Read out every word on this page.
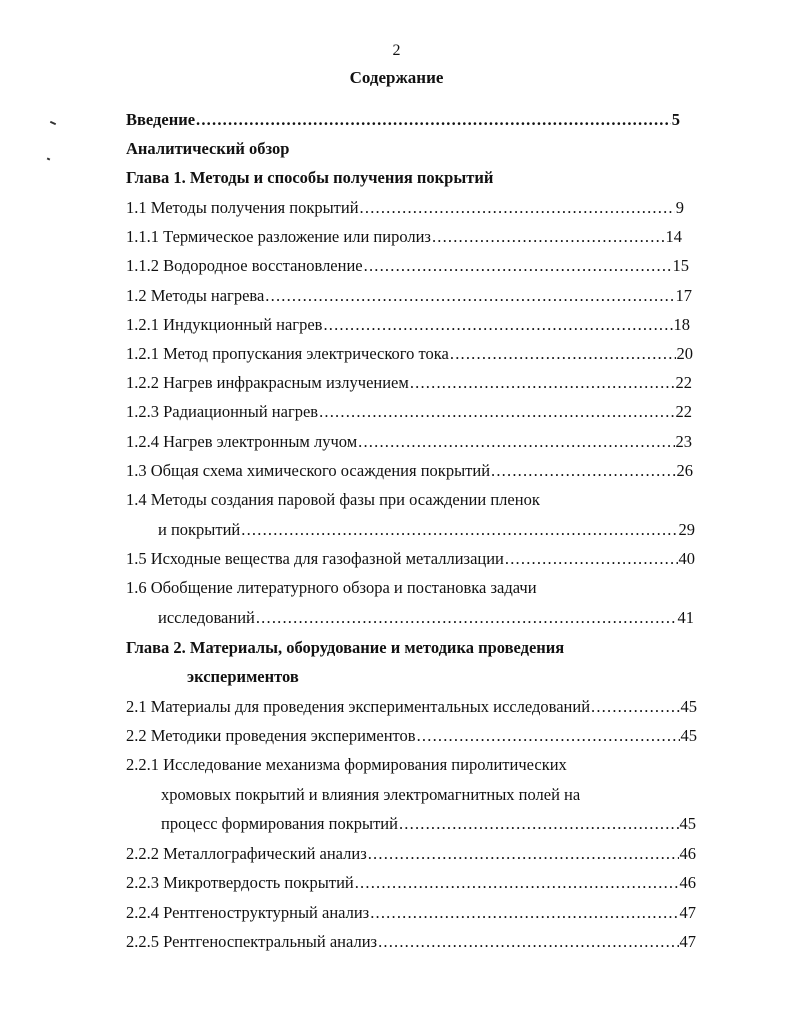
2
Содержание
Введение .....	5
Аналитический обзор
Глава 1. Методы и способы получения покрытий
1.1 Методы получения покрытий .....	9
1.1.1 Термическое разложение или пиролиз .....	14
1.1.2 Водородное восстановление .....	15
1.2 Методы нагрева .....	17
1.2.1 Индукционный нагрев .....	18
1.2.1 Метод пропускания электрического тока .....	20
1.2.2 Нагрев инфракрасным излучением .....	22
1.2.3 Радиационный нагрев .....	22
1.2.4 Нагрев электронным лучом .....	23
1.3 Общая схема химического осаждения покрытий .....	26
1.4 Методы создания паровой фазы при осаждении пленок
и покрытий .....	29
1.5 Исходные вещества для газофазной металлизации .....	40
1.6 Обобщение литературного обзора и постановка задачи
исследований .....	41
Глава 2. Материалы, оборудование и методика проведения
экспериментов
2.1 Материалы для проведения экспериментальных исследований .....	45
2.2 Методики проведения экспериментов .....	45
2.2.1 Исследование механизма формирования пиролитических
хромовых покрытий и влияния электромагнитных полей на
процесс формирования покрытий .....	45
2.2.2 Металлографический анализ .....	46
2.2.3 Микротвердость покрытий .....	46
2.2.4 Рентгеноструктурный анализ .....	47
2.2.5 Рентгеноспектральный анализ .....	47
